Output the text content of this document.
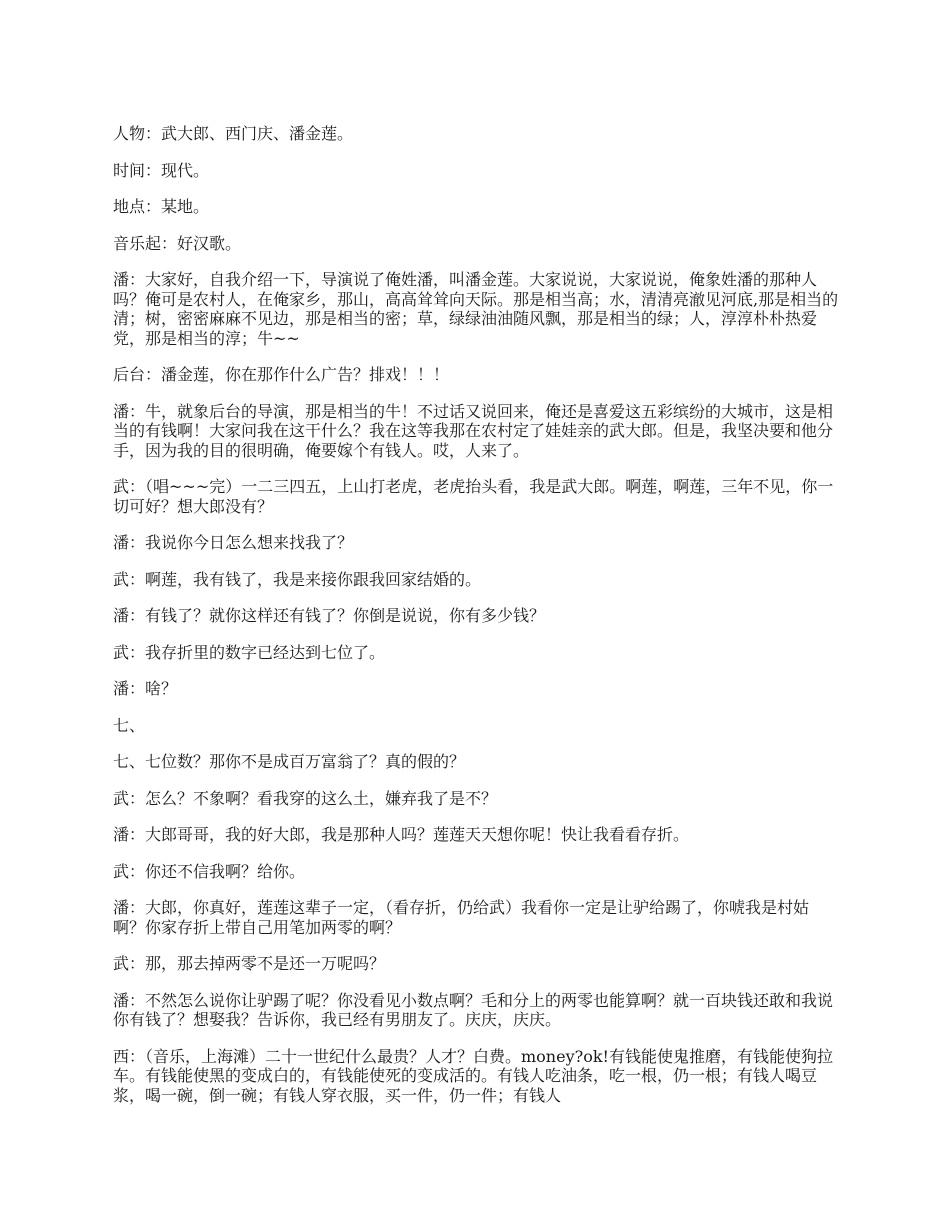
人物：武大郎、西门庆、潘金莲。

时间：现代。

地点：某地。

音乐起：好汉歌。

潘：大家好，自我介绍一下，导演说了俺姓潘，叫潘金莲。大家说说，大家说说，俺象姓潘的那种人吗？俺可是农村人，在俺家乡，那山，高高耸耸向天际。那是相当高；水，清清亮澈见河底,那是相当的清；树，密密麻麻不见边，那是相当的密；草，绿绿油油随风飘，那是相当的绿；人，淳淳朴朴热爱党，那是相当的淳；牛~~

后台：潘金莲，你在那作什么广告？排戏！！！

潘：牛，就象后台的导演，那是相当的牛！不过话又说回来，俺还是喜爱这五彩缤纷的大城市，这是相当的有钱啊！大家问我在这干什么？我在这等我那在农村定了娃娃亲的武大郎。但是，我坚决要和他分手，因为我的目的很明确，俺要嫁个有钱人。哎，人来了。

武：（唱~~~完）一二三四五，上山打老虎，老虎抬头看，我是武大郎。啊莲，啊莲，三年不见，你一切可好？想大郎没有？

潘：我说你今日怎么想来找我了？

武：啊莲，我有钱了，我是来接你跟我回家结婚的。

潘：有钱了？就你这样还有钱了？你倒是说说，你有多少钱？

武：我存折里的数字已经达到七位了。

潘：啥？

七、

七、七位数？那你不是成百万富翁了？真的假的？

武：怎么？不象啊？看我穿的这么土，嫌弃我了是不？

潘：大郎哥哥，我的好大郎，我是那种人吗？莲莲天天想你呢！快让我看看存折。

武：你还不信我啊？给你。

潘：大郎，你真好，莲莲这辈子一定，（看存折，仍给武）我看你一定是让驴给踢了，你唬我是村姑啊？你家存折上带自己用笔加两零的啊？

武：那，那去掉两零不是还一万呢吗？

潘：不然怎么说你让驴踢了呢？你没看见小数点啊？毛和分上的两零也能算啊？就一百块钱还敢和我说你有钱了？想娶我？告诉你，我已经有男朋友了。庆庆，庆庆。

西：（音乐，上海滩）二十一世纪什么最贵？人才？白费。money?ok!有钱能使鬼推磨，有钱能使狗拉车。有钱能使黑的变成白的，有钱能使死的变成活的。有钱人吃油条，吃一根，仍一根；有钱人喝豆浆，喝一碗，倒一碗；有钱人穿衣服，买一件，仍一件；有钱人
